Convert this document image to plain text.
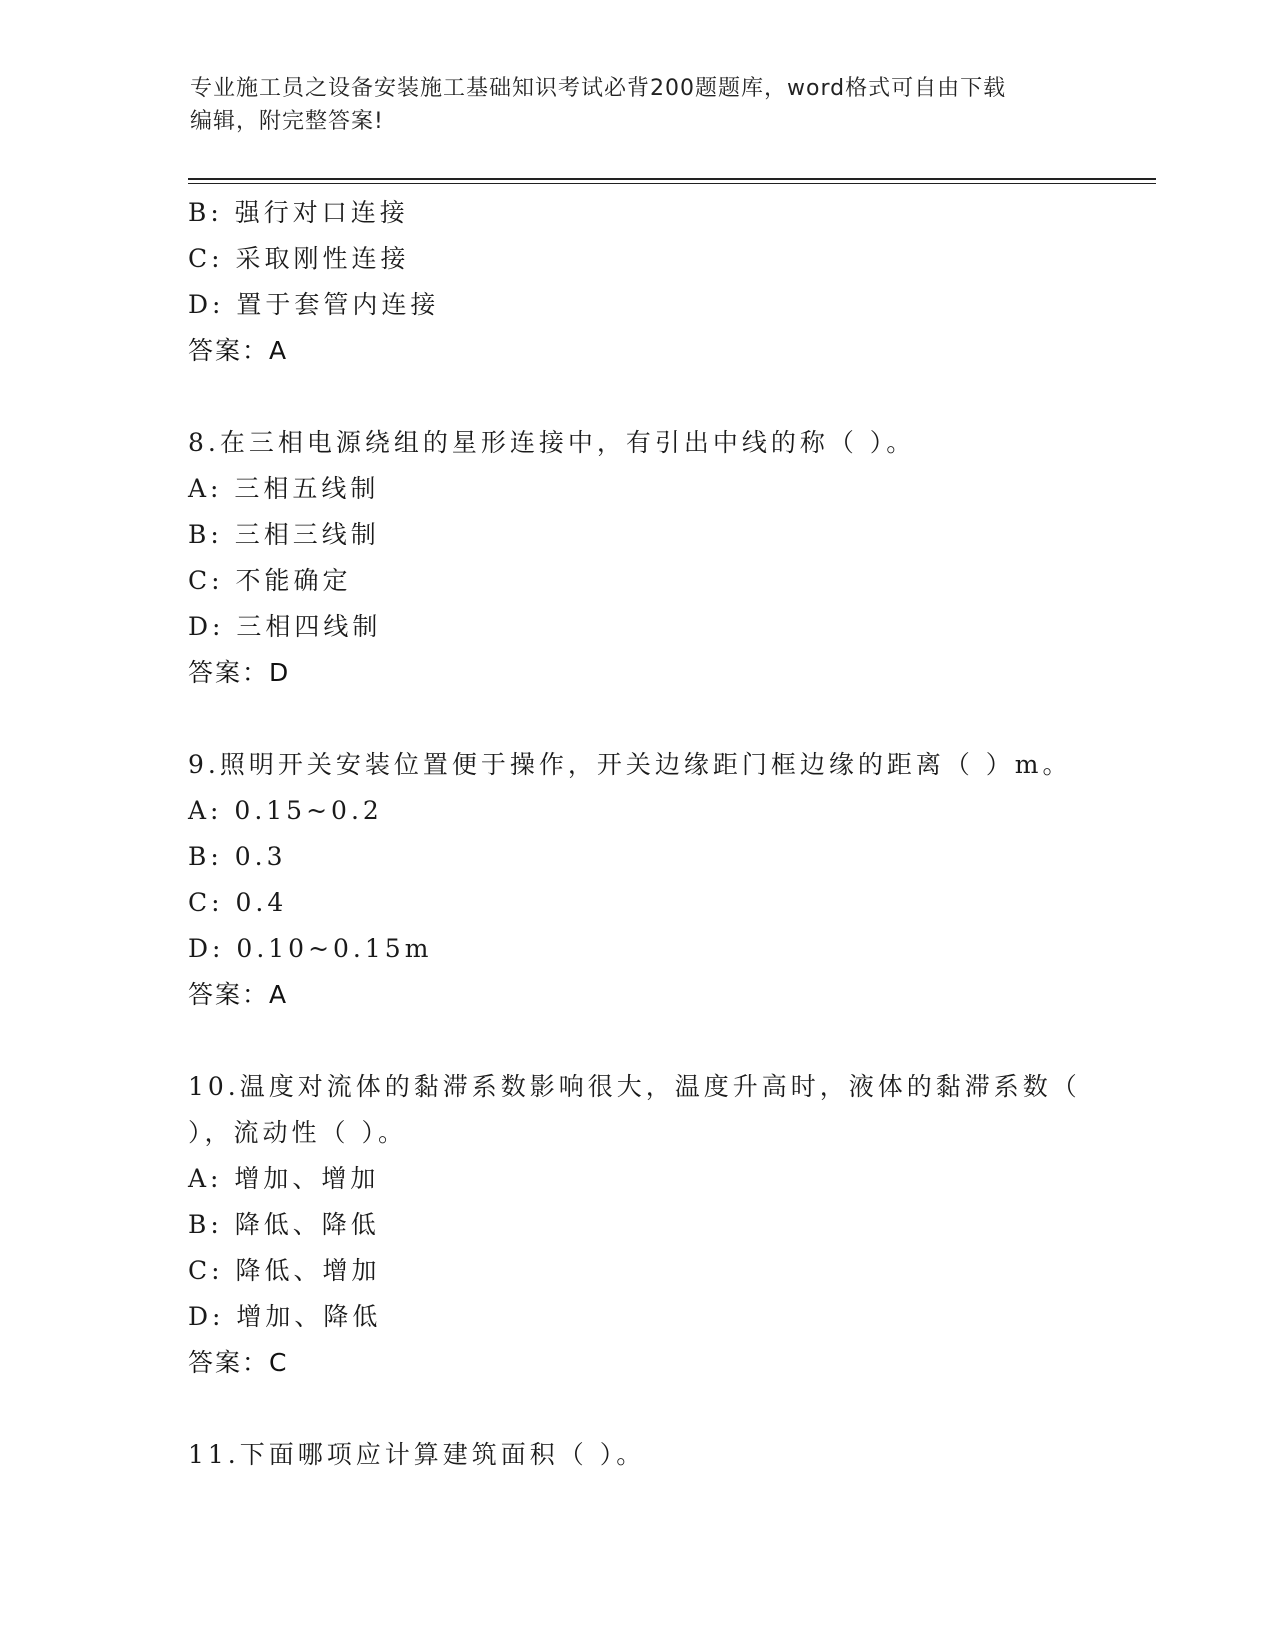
专业施工员之设备安装施工基础知识考试必背200题题库，word格式可自由下载
编辑，附完整答案!
B: 强行对口连接
C: 采取刚性连接
D: 置于套管内连接
答案：A
8.在三相电源绕组的星形连接中，有引出中线的称（ ）。
A: 三相五线制
B: 三相三线制
C: 不能确定
D: 三相四线制
答案：D
9.照明开关安装位置便于操作，开关边缘距门框边缘的距离（ ）m。
A: 0.15~0.2
B: 0.3
C: 0.4
D: 0.10~0.15m
答案：A
10.温度对流体的黏滞系数影响很大，温度升高时，液体的黏滞系数（
），流动性（ ）。
A: 增加、增加
B: 降低、降低
C: 降低、增加
D: 增加、降低
答案：C
11.下面哪项应计算建筑面积（ ）。
